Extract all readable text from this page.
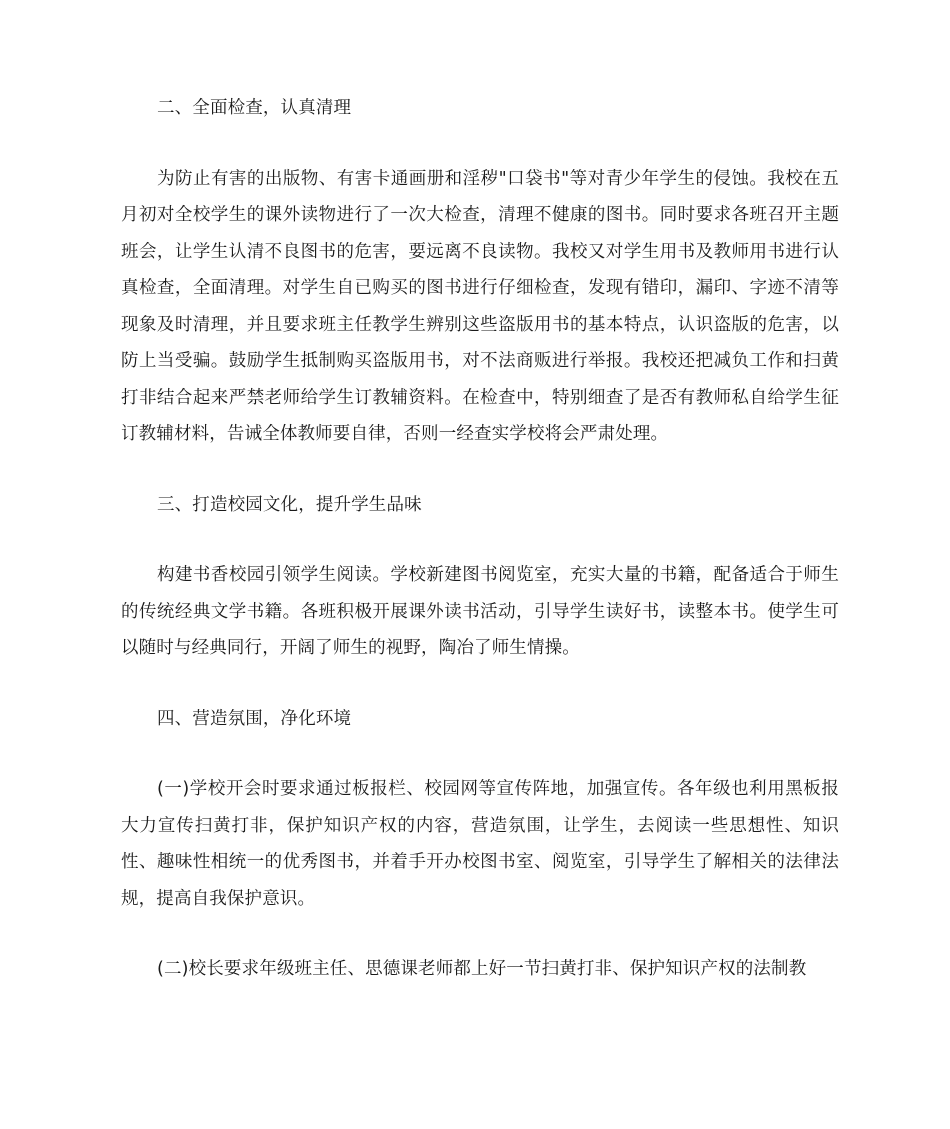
二、全面检查，认真清理

为防止有害的出版物、有害卡通画册和淫秽"口袋书"等对青少年学生的侵蚀。我校在五月初对全校学生的课外读物进行了一次大检查，清理不健康的图书。同时要求各班召开主题班会，让学生认清不良图书的危害，要远离不良读物。我校又对学生用书及教师用书进行认真检查，全面清理。对学生自已购买的图书进行仔细检查，发现有错印，漏印、字迹不清等现象及时清理，并且要求班主任教学生辨别这些盗版用书的基本特点，认识盗版的危害，以防上当受骗。鼓励学生抵制购买盗版用书，对不法商贩进行举报。我校还把减负工作和扫黄打非结合起来严禁老师给学生订教辅资料。在检查中，特别细查了是否有教师私自给学生征订教辅材料，告诫全体教师要自律，否则一经查实学校将会严肃处理。

三、打造校园文化，提升学生品味

构建书香校园引领学生阅读。学校新建图书阅览室，充实大量的书籍，配备适合于师生的传统经典文学书籍。各班积极开展课外读书活动，引导学生读好书，读整本书。使学生可以随时与经典同行，开阔了师生的视野，陶冶了师生情操。

四、营造氛围，净化环境

(一)学校开会时要求通过板报栏、校园网等宣传阵地，加强宣传。各年级也利用黑板报大力宣传扫黄打非，保护知识产权的内容，营造氛围，让学生，去阅读一些思想性、知识性、趣味性相统一的优秀图书，并着手开办校图书室、阅览室，引导学生了解相关的法律法规，提高自我保护意识。

(二)校长要求年级班主任、思德课老师都上好一节扫黄打非、保护知识产权的法制教
